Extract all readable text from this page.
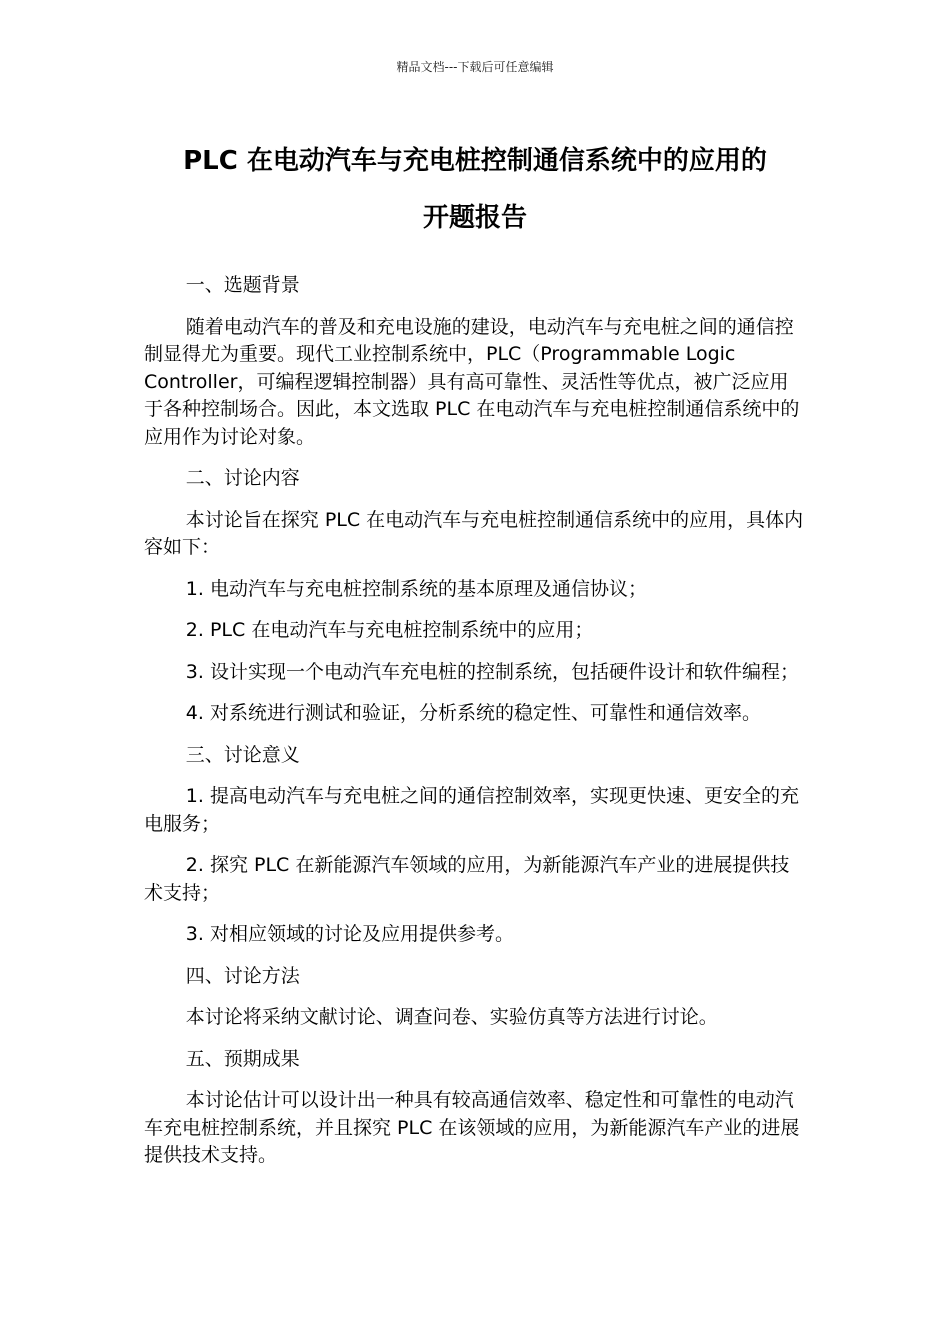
精品文档---下载后可任意编辑
PLC 在电动汽车与充电桩控制通信系统中的应用的
开题报告

一、选题背景

随着电动汽车的普及和充电设施的建设，电动汽车与充电桩之间的通信控制显得尤为重要。现代工业控制系统中，PLC（Programmable Logic Controller，可编程逻辑控制器）具有高可靠性、灵活性等优点，被广泛应用于各种控制场合。因此，本文选取 PLC 在电动汽车与充电桩控制通信系统中的应用作为讨论对象。

二、讨论内容

本讨论旨在探究 PLC 在电动汽车与充电桩控制通信系统中的应用，具体内容如下：

1. 电动汽车与充电桩控制系统的基本原理及通信协议；

2. PLC 在电动汽车与充电桩控制系统中的应用；

3. 设计实现一个电动汽车充电桩的控制系统，包括硬件设计和软件编程；

4. 对系统进行测试和验证，分析系统的稳定性、可靠性和通信效率。

三、讨论意义

1. 提高电动汽车与充电桩之间的通信控制效率，实现更快速、更安全的充电服务；

2. 探究 PLC 在新能源汽车领域的应用，为新能源汽车产业的进展提供技术支持；

3. 对相应领域的讨论及应用提供参考。

四、讨论方法

本讨论将采纳文献讨论、调查问卷、实验仿真等方法进行讨论。

五、预期成果

本讨论估计可以设计出一种具有较高通信效率、稳定性和可靠性的电动汽车充电桩控制系统，并且探究 PLC 在该领域的应用，为新能源汽车产业的进展提供技术支持。
